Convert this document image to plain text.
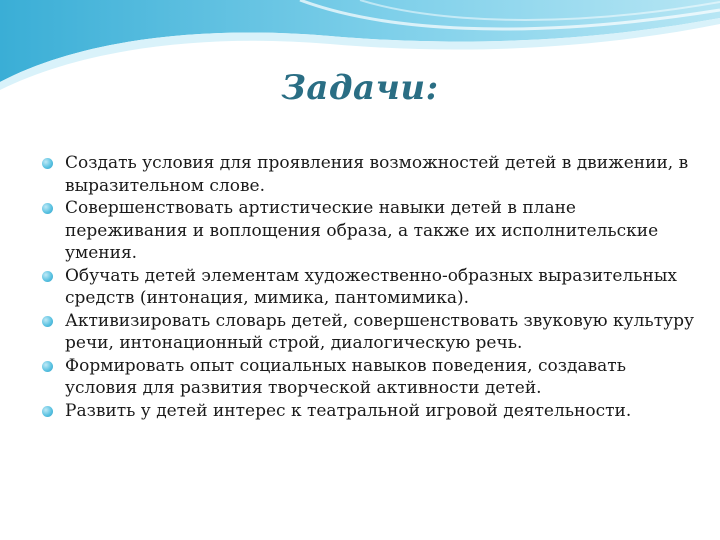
Задачи:
Создать условия для проявления возможностей детей в движении, в выразительном слове.
Совершенствовать артистические навыки детей в плане переживания и воплощения образа, а также их исполнительские умения.
Обучать детей элементам художественно-образных выразительных средств (интонация, мимика, пантомимика).
Активизировать словарь детей, совершенствовать звуковую культуру речи, интонационный строй, диалогическую речь.
Формировать опыт социальных навыков поведения, создавать условия для развития творческой активности детей.
Развить у детей интерес к театральной игровой деятельности.
